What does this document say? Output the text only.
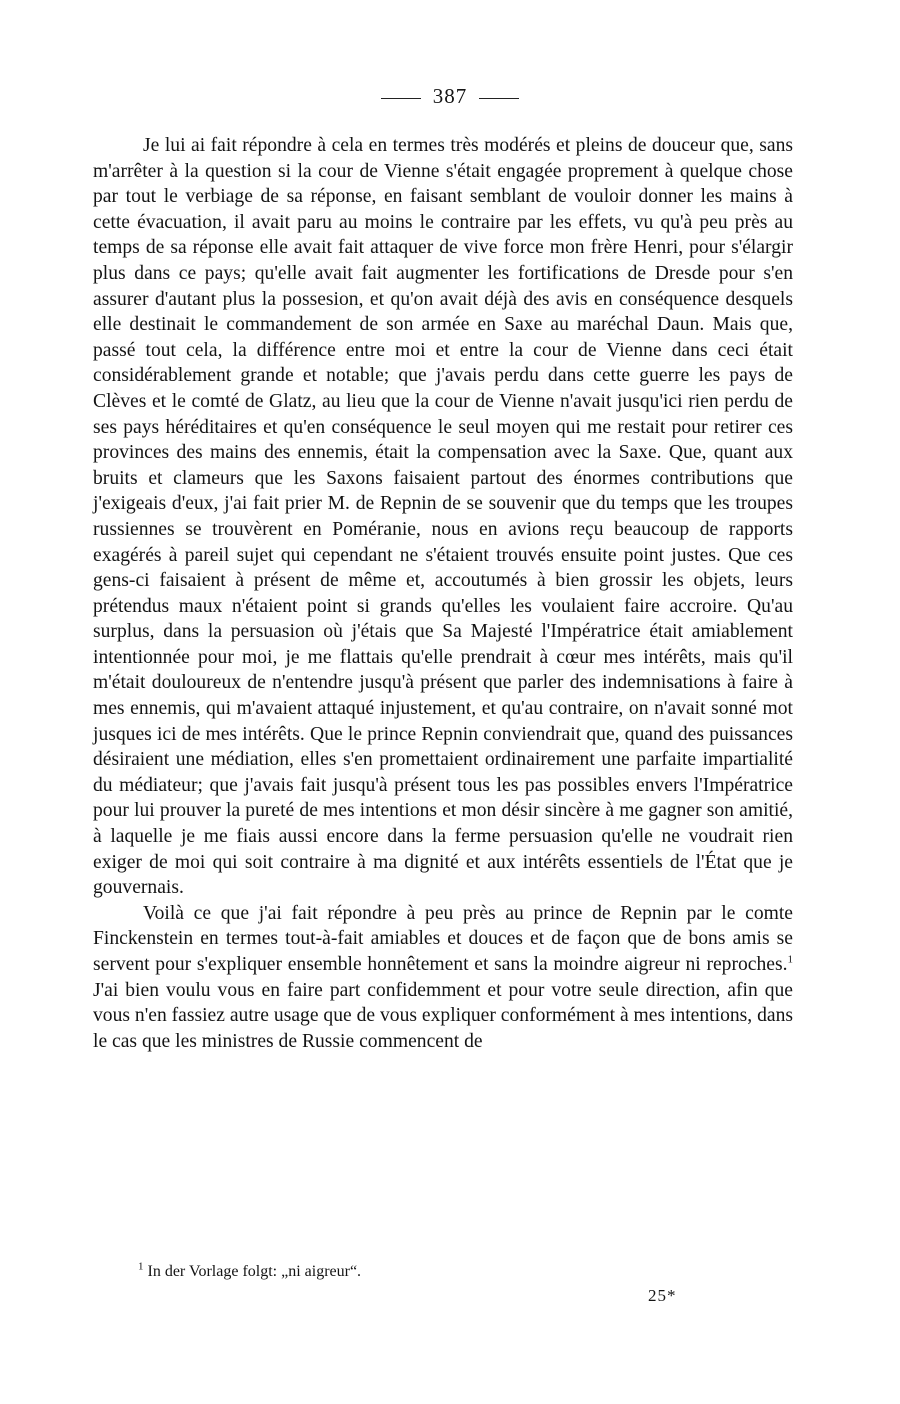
387

Je lui ai fait répondre à cela en termes très modérés et pleins de douceur que, sans m'arrêter à la question si la cour de Vienne s'était engagée proprement à quelque chose par tout le verbiage de sa réponse, en faisant semblant de vouloir donner les mains à cette évacuation, il avait paru au moins le contraire par les effets, vu qu'à peu près au temps de sa réponse elle avait fait attaquer de vive force mon frère Henri, pour s'élargir plus dans ce pays; qu'elle avait fait augmenter les fortifications de Dresde pour s'en assurer d'autant plus la possesion, et qu'on avait déjà des avis en conséquence desquels elle destinait le commandement de son armée en Saxe au maréchal Daun. Mais que, passé tout cela, la différence entre moi et entre la cour de Vienne dans ceci était considérablement grande et notable; que j'avais perdu dans cette guerre les pays de Clèves et le comté de Glatz, au lieu que la cour de Vienne n'avait jusqu'ici rien perdu de ses pays héréditaires et qu'en conséquence le seul moyen qui me restait pour retirer ces provinces des mains des ennemis, était la compensation avec la Saxe. Que, quant aux bruits et clameurs que les Saxons faisaient partout des énormes contributions que j'exigeais d'eux, j'ai fait prier M. de Repnin de se souvenir que du temps que les troupes russiennes se trouvèrent en Poméranie, nous en avions reçu beaucoup de rapports exagérés à pareil sujet qui cependant ne s'étaient trouvés ensuite point justes. Que ces gens-ci faisaient à présent de même et, accoutumés à bien grossir les objets, leurs prétendus maux n'étaient point si grands qu'elles les voulaient faire accroire. Qu'au surplus, dans la persuasion où j'étais que Sa Majesté l'Impératrice était amiablement intentionnée pour moi, je me flattais qu'elle prendrait à cœur mes intérêts, mais qu'il m'était douloureux de n'entendre jusqu'à présent que parler des indemnisations à faire à mes ennemis, qui m'avaient attaqué injustement, et qu'au contraire, on n'avait sonné mot jusques ici de mes intérêts. Que le prince Repnin conviendrait que, quand des puissances désiraient une médiation, elles s'en promettaient ordinairement une parfaite impartialité du médiateur; que j'avais fait jusqu'à présent tous les pas possibles envers l'Impératrice pour lui prouver la pureté de mes intentions et mon désir sincère à me gagner son amitié, à laquelle je me fiais aussi encore dans la ferme persuasion qu'elle ne voudrait rien exiger de moi qui soit contraire à ma dignité et aux intérêts essentiels de l'État que je gouvernais.

Voilà ce que j'ai fait répondre à peu près au prince de Repnin par le comte Finckenstein en termes tout-à-fait amiables et douces et de façon que de bons amis se servent pour s'expliquer ensemble honnêtement et sans la moindre aigreur ni reproches.$^1$ J'ai bien voulu vous en faire part confidemment et pour votre seule direction, afin que vous n'en fassiez autre usage que de vous expliquer conformément à mes intentions, dans le cas que les ministres de Russie commencent de

$^1$ In der Vorlage folgt: „ni aigreur“.
25*
